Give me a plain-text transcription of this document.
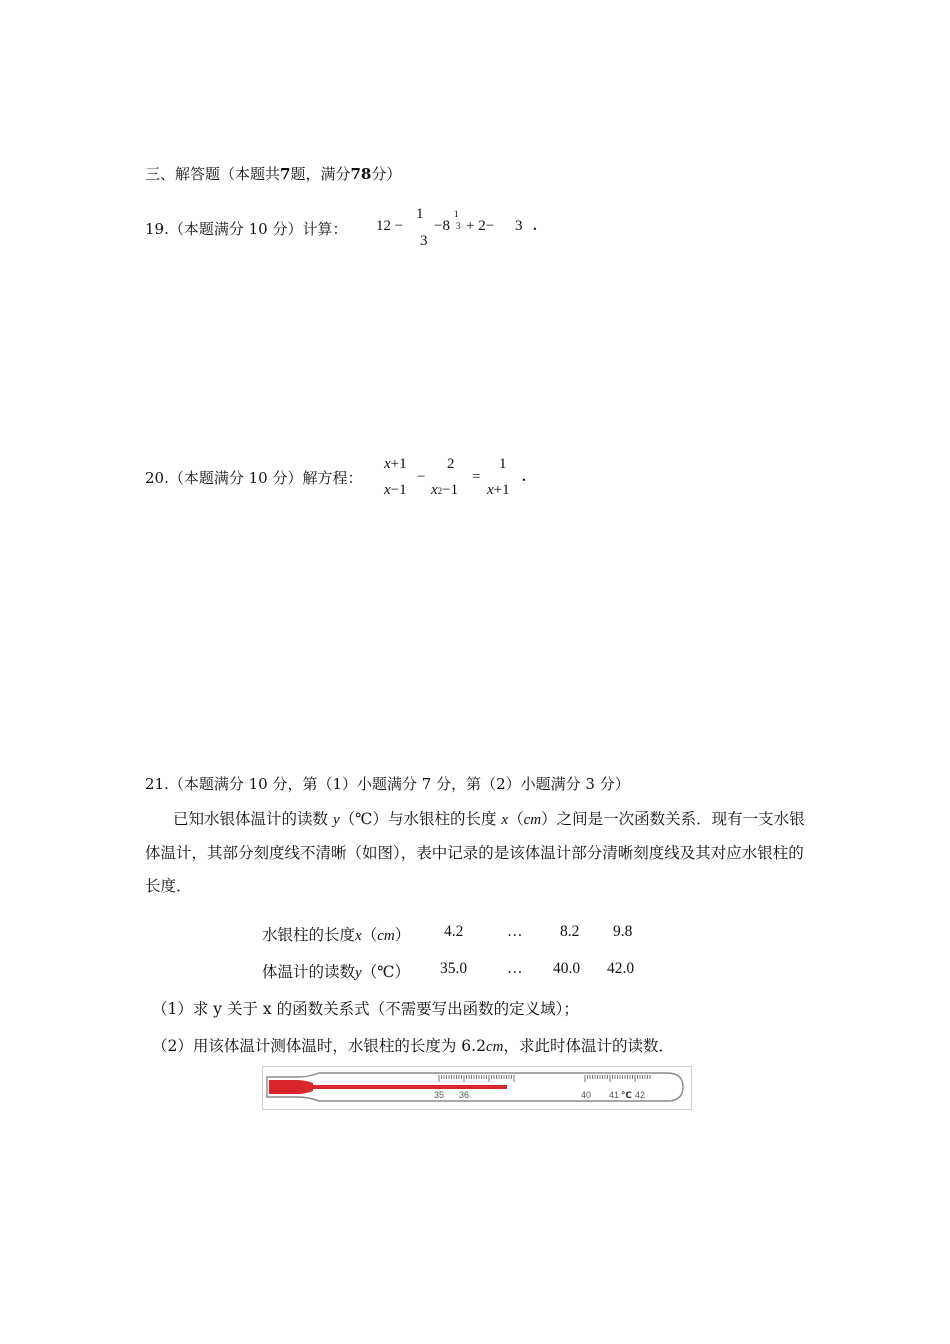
三、解答题（本题共7题，满分78分）
19.（本题满分 10 分）计算： 12 −
1
3
−8
1
3 + 2− 3 .
20.（本题满分 10 分）解方程：
x+1
x−1
−
2
x2−1
=
1
x+1
.
21.（本题满分 10 分，第（1）小题满分 7 分，第（2）小题满分 3 分）
已知水银体温计的读数 y（℃）与水银柱的长度 x（cm）之间是一次函数关系．现有一支水银体温计，其部分刻度线不清晰（如图），表中记录的是该体温计部分清晰刻度线及其对应水银柱的长度．
水银柱的长度x（cm） 4.2	… 8.2 9.8
体温计的读数y（℃） 35.0	… 40.0 42.0
（1）求 y 关于 x 的函数关系式（不需要写出函数的定义域）；
（2）用该体温计测体温时，水银柱的长度为 6.2cm，求此时体温计的读数．
35 36	40 41 ℃ 42
